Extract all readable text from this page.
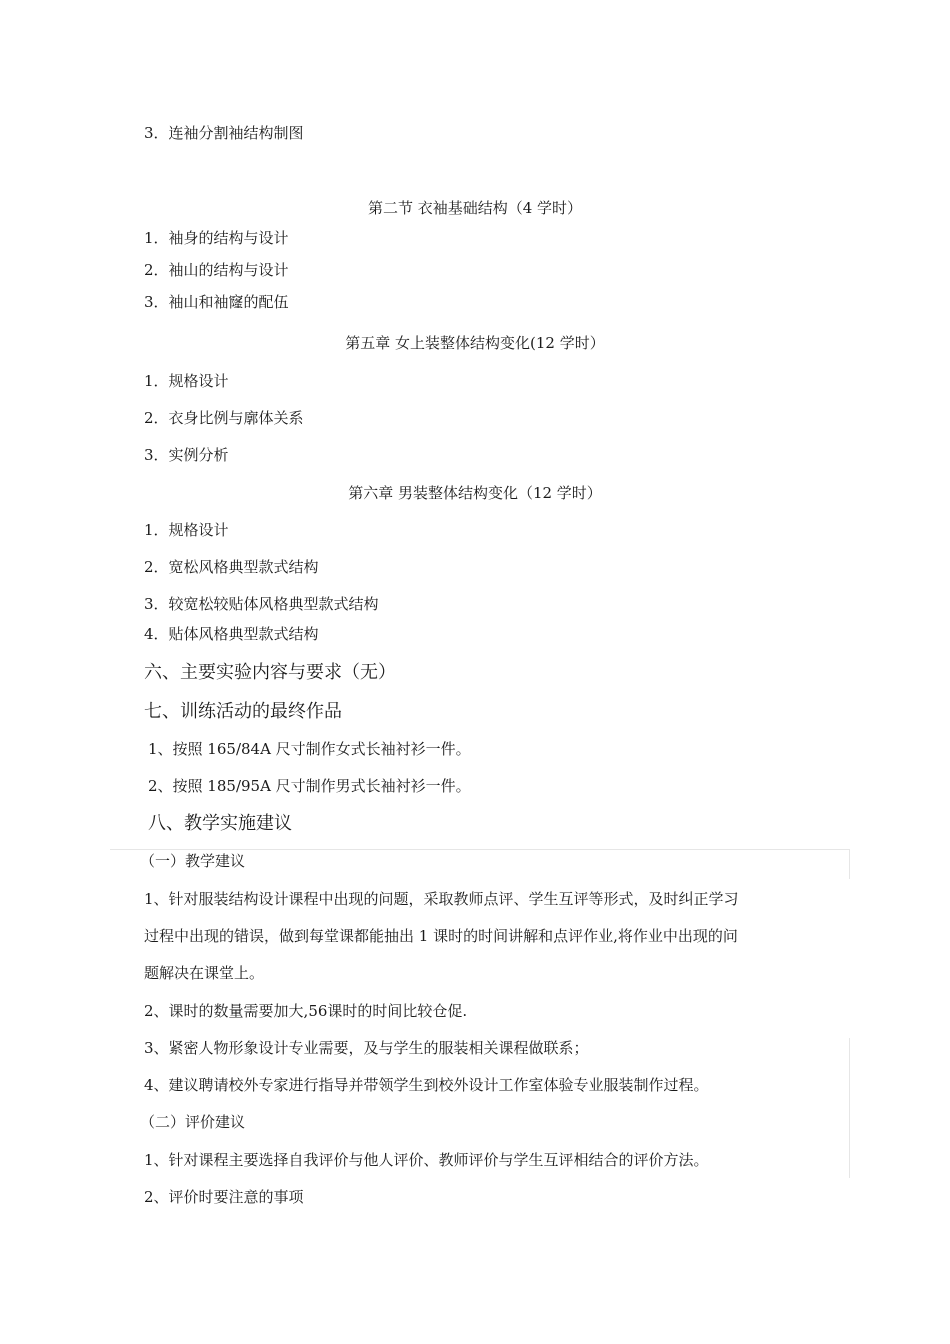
3．连袖分割袖结构制图
第二节 衣袖基础结构（4 学时）
1．袖身的结构与设计
2．袖山的结构与设计
3．袖山和袖窿的配伍
第五章 女上装整体结构变化(12 学时）
1．规格设计
2．衣身比例与廓体关系
3．实例分析
第六章 男装整体结构变化（12 学时）
1．规格设计
2．宽松风格典型款式结构
3．较宽松较贴体风格典型款式结构
4．贴体风格典型款式结构
六、主要实验内容与要求（无）
七、训练活动的最终作品
1、按照 165/84A 尺寸制作女式长袖衬衫一件。
2、按照 185/95A 尺寸制作男式长袖衬衫一件。
八、教学实施建议
（一）教学建议
1、针对服装结构设计课程中出现的问题，采取教师点评、学生互评等形式，及时纠正学习
过程中出现的错误，做到每堂课都能抽出 1 课时的时间讲解和点评作业,将作业中出现的问
题解决在课堂上。
2、课时的数量需要加大,56课时的时间比较仓促.
3、紧密人物形象设计专业需要，及与学生的服装相关课程做联系；
4、建议聘请校外专家进行指导并带领学生到校外设计工作室体验专业服装制作过程。
（二）评价建议
1、针对课程主要选择自我评价与他人评价、教师评价与学生互评相结合的评价方法。
2、评价时要注意的事项
